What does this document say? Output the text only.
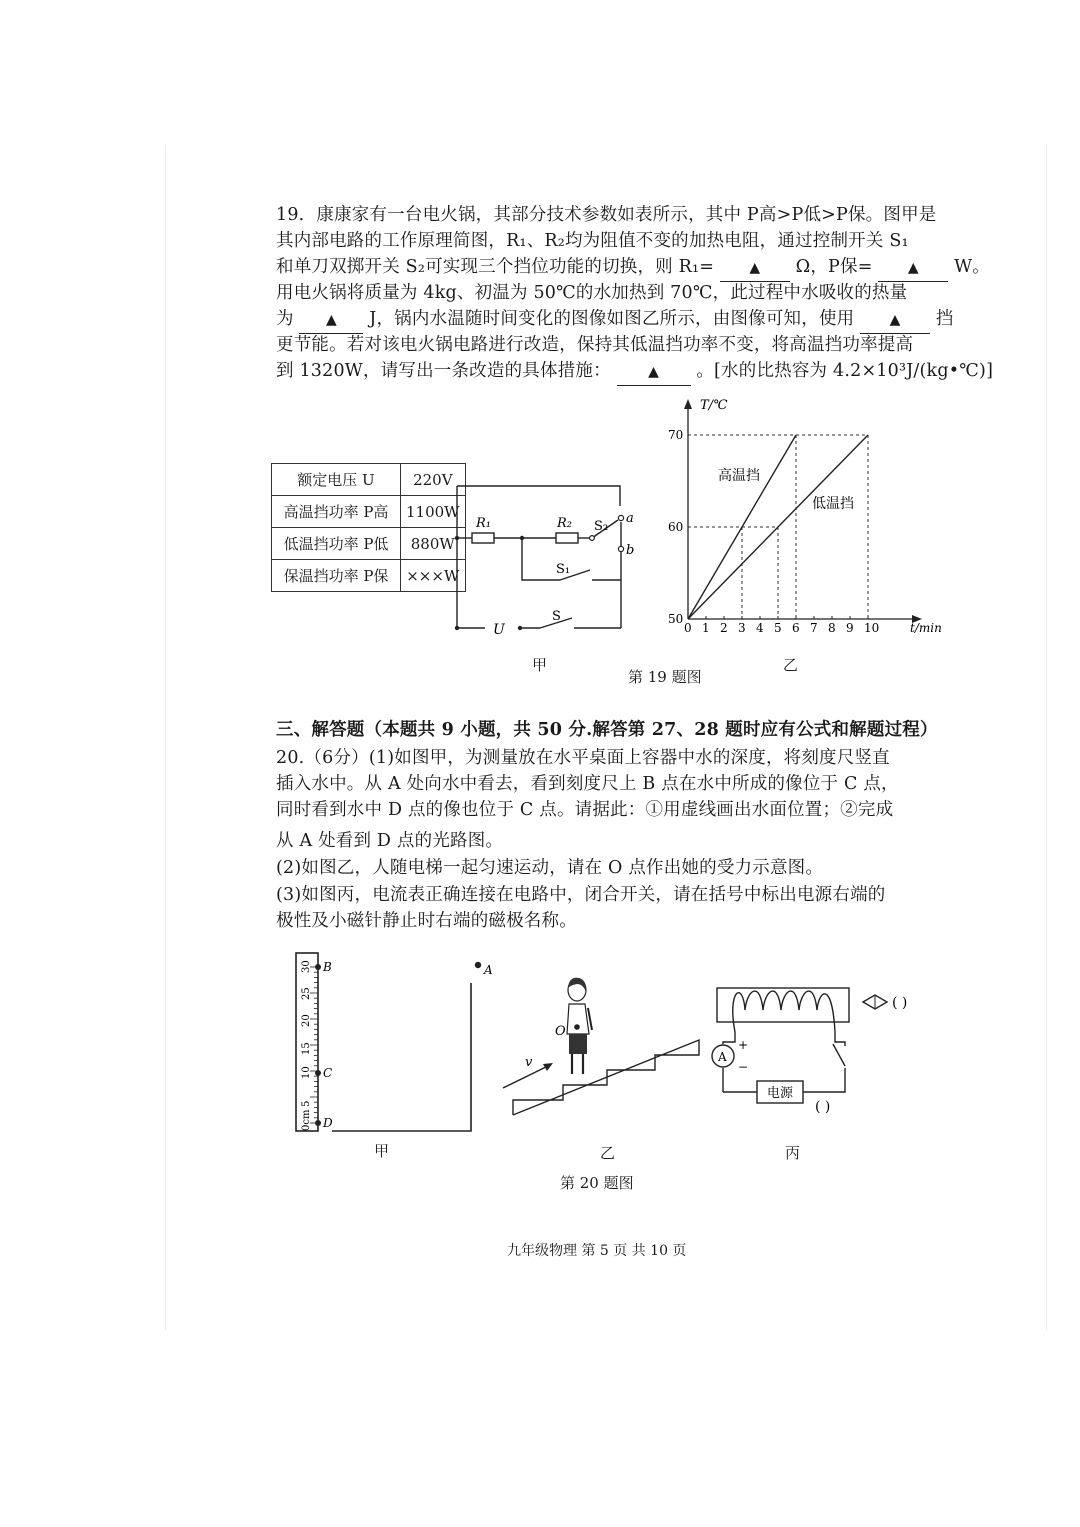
19．康康家有一台电火锅，其部分技术参数如表所示，其中 P高>P低>P保。图甲是
其内部电路的工作原理简图，R₁、R₂均为阻值不变的加热电阻，通过控制开关 S₁
和单刀双掷开关 S₂可实现三个挡位功能的切换，则 R₁=	▲ Ω，P保=	▲ W。
用电火锅将质量为 4kg、初温为 50℃的水加热到 70℃，此过程中水吸收的热量
为 ▲ J，锅内水温随时间变化的图像如图乙所示，由图像可知，使用	▲ 挡
更节能。若对该电火锅电路进行改造，保持其低温挡功率不变，将高温挡功率提高
到 1320W，请写出一条改造的具体措施：	▲ 。[水的比热容为 4.2×10³J/(kg•℃)]
额定电压 U	220V
高温挡功率 P高	1100W
低温挡功率 P低	880W
保温挡功率 P保	×××W
R₁	R₂ S₂
a
b
S₁
U
S
甲
0 1 2 3 4 5 6 7 8 9 10
50
60
70
T/℃
t/min
高温挡
低温挡
乙
第 19 题图
三、解答题（本题共 9 小题，共 50 分.解答第 27、28 题时应有公式和解题过程）
20.（6分）(1)如图甲，为测量放在水平桌面上容器中水的深度，将刻度尺竖直
插入水中。从 A 处向水中看去，看到刻度尺上 B 点在水中所成的像位于 C 点，
同时看到水中 D 点的像也位于 C 点。请据此：①用虚线画出水面位置；②完成
从 A 处看到 D 点的光路图。
(2)如图乙，人随电梯一起匀速运动，请在 O 点作出她的受力示意图。
(3)如图丙，电流表正确连接在电路中，闭合开关，请在括号中标出电源右端的
极性及小磁针静止时右端的磁极名称。
30
25
20
15
10
5
0cm
B
C
D
A
甲
O
v
乙
A
+
−
电源
( )
( )
丙
第 20 题图
九年级物理 第 5 页 共 10 页
